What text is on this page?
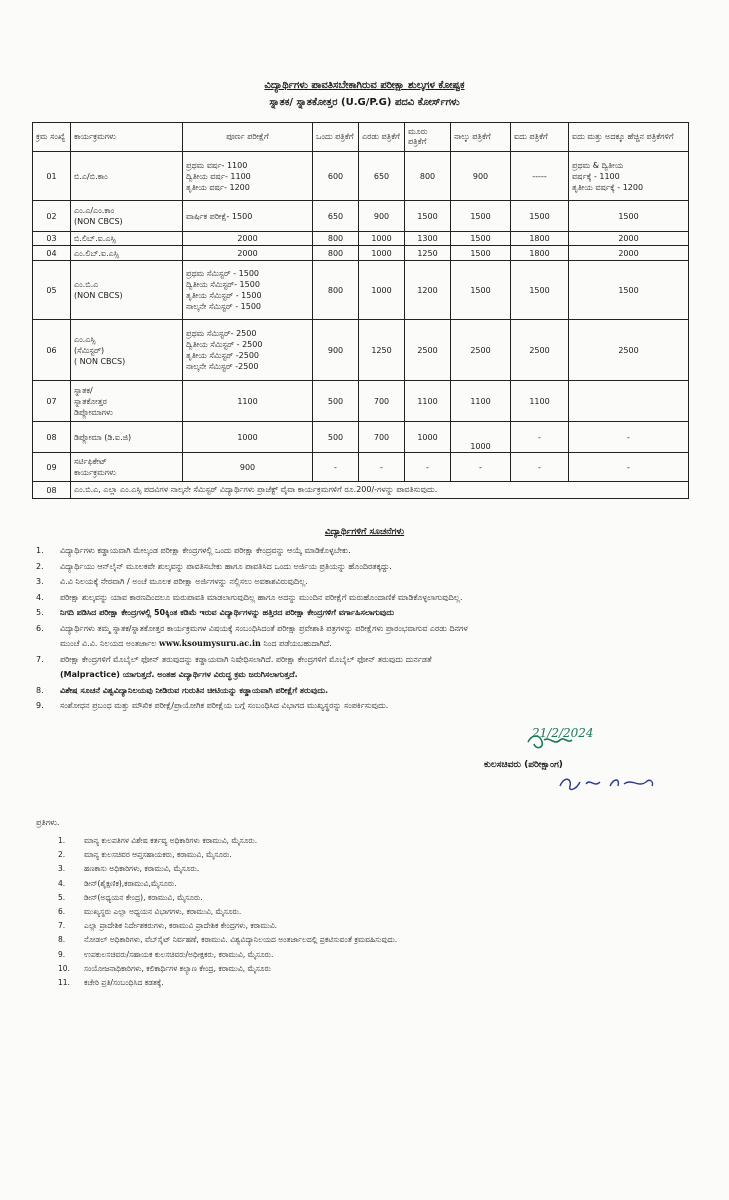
ವಿದ್ಯಾರ್ಥಿಗಳು ಪಾವತಿಸಬೇಕಾಗಿರುವ ಪರೀಕ್ಷಾ ಶುಲ್ಕಗಳ ಕೋಷ್ಟಕ
ಸ್ನಾತಕ/ ಸ್ನಾತಕೋತ್ತರ (U.G/P.G) ಪದವಿ ಕೋರ್ಸ್‌ಗಳು
ಕ್ರಮ ಸಂಖ್ಯೆ	ಕಾರ್ಯಕ್ರಮಗಳು	ಪೂರ್ಣ ಪರೀಕ್ಷೆಗೆ	ಒಂದು ಪತ್ರಿಕೆಗೆ	ಎರಡು ಪತ್ರಿಕೆಗೆ	ಮೂರು ಪತ್ರಿಕೆಗೆ	ನಾಲ್ಕು ಪತ್ರಿಕೆಗೆ	ಐದು ಪತ್ರಿಕೆಗೆ	ಐದು ಮತ್ತು ಅದಕ್ಕೂ ಹೆಚ್ಚಿನ ಪತ್ರಿಕೆಗಳಿಗೆ
01	ಬಿ.ಎ/ಬಿ.ಕಾಂ	ಪ್ರಥಮ ವರ್ಷ- 1100
ದ್ವಿತೀಯ ವರ್ಷ- 1100
ತೃತೀಯ ವರ್ಷ- 1200	600	650	800	900	-----	ಪ್ರಥಮ & ದ್ವಿತೀಯ
ವರ್ಷಕ್ಕೆ - 1100
ತೃತೀಯ ವರ್ಷಕ್ಕೆ - 1200
02	ಎಂ.ಎ/ಎಂ.ಕಾಂ
(NON CBCS)	ವಾರ್ಷಿಕ ಪರೀಕ್ಷೆ- 1500	650	900	1500	1500	1500	1500
03	ಬಿ.ಲಿಬ್.ಐ.ಎಸ್ಸಿ	2000	800	1000	1300	1500	1800	2000
04	ಎಂ.ಲಿಬ್.ಐ.ಎಸ್ಸಿ	2000	800	1000	1250	1500	1800	2000
05	ಎಂ.ಬಿ.ಎ
(NON CBCS)	ಪ್ರಥಮ ಸೆಮಿಸ್ಟರ್ - 1500
ದ್ವಿತೀಯ ಸೆಮಿಸ್ಟರ್- 1500
ತೃತೀಯ ಸೆಮಿಸ್ಟರ್ - 1500
ನಾಲ್ಕನೇ ಸೆಮಿಸ್ಟರ್ - 1500	800	1000	1200	1500	1500	1500
06	ಎಂ.ಎಸ್ಸಿ
(ಸೆಮಿಸ್ಟರ್)
( NON CBCS)	ಪ್ರಥಮ ಸೆಮಿಸ್ಟರ್- 2500
ದ್ವಿತೀಯ ಸೆಮಿಸ್ಟರ್ - 2500
ತೃತೀಯ ಸೆಮಿಸ್ಟರ್ -2500
ನಾಲ್ಕನೇ ಸೆಮಿಸ್ಟರ್ -2500	900	1250	2500	2500	2500	2500
07	ಸ್ನಾತಕ/
ಸ್ನಾತಕೋತ್ತರ
ಡಿಪ್ಲೋಮಾಗಳು	1100	500	700	1100	1100	1100	
08	ಡಿಪ್ಲೋಮಾ (ಡಿ.ಐ.ಜಿ)	1000	500	700	1000	1000	-	-
09	ಸರ್ಟಿಫಿಕೇಟ್
ಕಾರ್ಯಕ್ರಮಗಳು	900	-	-	-	-	-	-
08	ಎಂ.ಬಿ.ಎ, ಎಲ್ಲಾ ಎಂ.ಎಸ್ಸಿ ಪದವಿಗಳ ನಾಲ್ಕನೇ ಸೆಮಿಸ್ಟರ್ ವಿದ್ಯಾರ್ಥಿಗಳು ಪ್ರಾಜೆಕ್ಟ್ ವೈವಾ ಕಾರ್ಯಕ್ರಮಗಳಿಗೆ ರೂ.200/-ಗಳನ್ನು ಪಾವತಿಸುವುದು.							
ವಿದ್ಯಾರ್ಥಿಗಳಿಗೆ ಸೂಚನೆಗಳು
1.	ವಿದ್ಯಾರ್ಥಿಗಳು ಕಡ್ಡಾಯವಾಗಿ ಮೇಲ್ಕಂಡ ಪರೀಕ್ಷಾ ಕೇಂದ್ರಗಳಲ್ಲಿ ಒಂದು ಪರೀಕ್ಷಾ ಕೇಂದ್ರವನ್ನು ಆಯ್ಕೆ ಮಾಡಿಕೊಳ್ಳಬೇಕು.
2.	ವಿದ್ಯಾರ್ಥಿಯು ಆನ್‌ಲೈನ್ ಮೂಲಕವೇ ಶುಲ್ಕವನ್ನು ಪಾವತಿಸಬೇಕು ಹಾಗೂ ಪಾವತಿಸಿದ ಒಂದು ಅರ್ಜಿಯ ಪ್ರತಿಯನ್ನು ಹೊಂದಿರತಕ್ಕದ್ದು.
3.	ವಿ.ವಿ ನಿಲಯಕ್ಕೆ ನೇರವಾಗಿ / ಅಂಚೆ ಮೂಲಕ ಪರೀಕ್ಷಾ ಅರ್ಜಿಗಳನ್ನು ನಲ್ಲಿಸಲು ಅವಕಾಶವಿರುವುದಿಲ್ಲ.
4.	ಪರೀಕ್ಷಾ ಶುಲ್ಕವನ್ನು ಯಾವ ಕಾರಣದಿಂದಲೂ ಮರುಪಾವತಿ ಮಾಡಲಾಗುವುದಿಲ್ಲ ಹಾಗೂ ಅದನ್ನು ಮುಂದಿನ ಪರೀಕ್ಷೆಗೆ ಮರುಹೊಂದಾಣಿಕೆ ಮಾಡಿಕೊಳ್ಳಲಾಗುವುದಿಲ್ಲ.
5.	ನಿಗದಿ ಪಡಿಸಿದ ಪರೀಕ್ಷಾ ಕೇಂದ್ರಗಳಲ್ಲಿ 50ಕ್ಕಿಂತ ಕಡಿಮೆ ಇರುವ ವಿದ್ಯಾರ್ಥಿಗಳನ್ನು ಹತ್ತಿರದ ಪರೀಕ್ಷಾ ಕೇಂದ್ರಗಳಿಗೆ ವರ್ಗಾಹಿಸಲಾಗುವುದು
6.	ವಿದ್ಯಾರ್ಥಿಗಳು ತಮ್ಮ ಸ್ನಾತಕ/ಸ್ನಾತಕೋತ್ತರ ಕಾರ್ಯಕ್ರಮಗಳ ವಿಷಯಕ್ಕೆ ಸಂಬಂಧಿಸಿದಂತೆ ಪರೀಕ್ಷಾ ಪ್ರವೇಶಾತಿ ಪತ್ರಗಳನ್ನು ಪರೀಕ್ಷೆಗಳು ಪ್ರಾರಂಭವಾಗುವ ಎರಡು ದಿನಗಳ
ಮುಂಚೆ ವಿ.ವಿ. ನಿಲಯದ ಅಂತರ್ಜಾಲ www.ksoumysuru.ac.in ನಿಂದ ಪಡೆಯಬಹುದಾಗಿದೆ.
7.	ಪರೀಕ್ಷಾ ಕೇಂದ್ರಗಳಿಗೆ ಮೊಬೈಲ್ ಫೋನ್ ತರುವುದನ್ನು ಕಡ್ಡಾಯವಾಗಿ ನಿಷೇಧಿಸಲಾಗಿದೆ. ಪರೀಕ್ಷಾ ಕೇಂದ್ರಗಳಿಗೆ ಮೊಬೈಲ್ ಫೋನ್ ತರುವುದು ದುರ್ನಡತೆ
(Malpractice) ಯಾಗುತ್ತದೆ. ಅಂತಹ ವಿದ್ಯಾರ್ಥಿಗಳ ವಿರುದ್ಧ ಕ್ರಮ ಜರುಗಿಸಲಾಗುತ್ತದೆ.
8.	ವಿಶೇಷ ಸೂಚನೆ ವಿಶ್ವವಿದ್ಯಾನಿಲಯವು ನೀಡಿರುವ ಗುರುತಿನ ಚೀಟಿಯನ್ನು ಕಡ್ಡಾಯವಾಗಿ ಪರೀಕ್ಷೆಗೆ ತರುವುದು.
9.	ಸಂಶೋಧನ ಪ್ರಬಂಧ ಮತ್ತು ಮೌಖಿಕ ಪರೀಕ್ಷೆ/ಪ್ರಾಯೋಗಿಕ ಪರೀಕ್ಷೆಯ ಬಗ್ಗೆ ಸಂಬಂಧಿಸಿದ ವಿಭಾಗದ ಮುಖ್ಯಸ್ಥರನ್ನು ಸಂಪರ್ಕಿಸುವುದು.
21/2/2024
ಕುಲಸಚಿವರು (ಪರೀಕ್ಷಾಂಗ)
ಪ್ರತಿಗಳು.
1.	ಮಾನ್ಯ ಕುಲಪತಿಗಳ ವಿಶೇಷ ಕರ್ತವ್ಯ ಅಧಿಕಾರಿಗಳು ಕರಾಮುವಿ, ಮೈಸೂರು.
2.	ಮಾನ್ಯ ಕುಲಸಚಿವರ ಆಪ್ತಸಹಾಯಕರು, ಕರಾಮುವಿ, ಮೈಸೂರು.
3.	ಹಣಕಾಸು ಅಧಿಕಾರಿಗಳು, ಕರಾಮುವಿ, ಮೈಸೂರು.
4.	ಡೀನ್(ಶೈಕ್ಷಣಿಕ),ಕರಾಮುವಿ,ಮೈಸೂರು.
5.	ಡೀನ್(ಅಧ್ಯಯನ ಕೇಂದ್ರ), ಕರಾಮುವಿ, ಮೈಸೂರು.
6.	ಮುಖ್ಯಸ್ಥರು ಎಲ್ಲಾ ಅಧ್ಯಯನ ವಿಭಾಗಗಳು, ಕರಾಮುವಿ, ಮೈಸೂರು.
7.	ಎಲ್ಲಾ ಪ್ರಾದೇಶಿಕ ನಿರ್ದೇಶಕರುಗಳು, ಕರಾಮುವಿ ಪ್ರಾದೇಶಿಕ ಕೇಂದ್ರಗಳು, ಕರಾಮುವಿ.
8.	ನೋಡಲ್ ಅಧಿಕಾರಿಗಳು, ವೆಬ್‌ಸೈಟ್ ನಿರ್ವಹಣೆ, ಕರಾಮುವಿ. ವಿಶ್ವವಿದ್ಯಾನಿಲಯದ ಅಂತರ್ಜಾಲದಲ್ಲಿ ಪ್ರಕಟಿಸುವಂತೆ ಕ್ರಮವಹಿಸುವುದು.
9.	ಉಪಕುಲಸಚಿವರು/ಸಹಾಯಕ ಕುಲಸಚಿವರು/ಅಧೀಕ್ಷಕರು, ಕರಾಮುವಿ, ಮೈಸೂರು.
10.	ಸಂಯೋಜನಾಧಿಕಾರಿಗಳು, ಕಲಿಕಾರ್ಥಿಗಳ ಕಲ್ಯಾಣ ಕೇಂದ್ರ, ಕರಾಮುವಿ, ಮೈಸೂರು
11.	ಕಚೇರಿ ಪ್ರತಿ/ಸಂಬಂಧಿಸಿದ ಕಡತಕ್ಕೆ.
